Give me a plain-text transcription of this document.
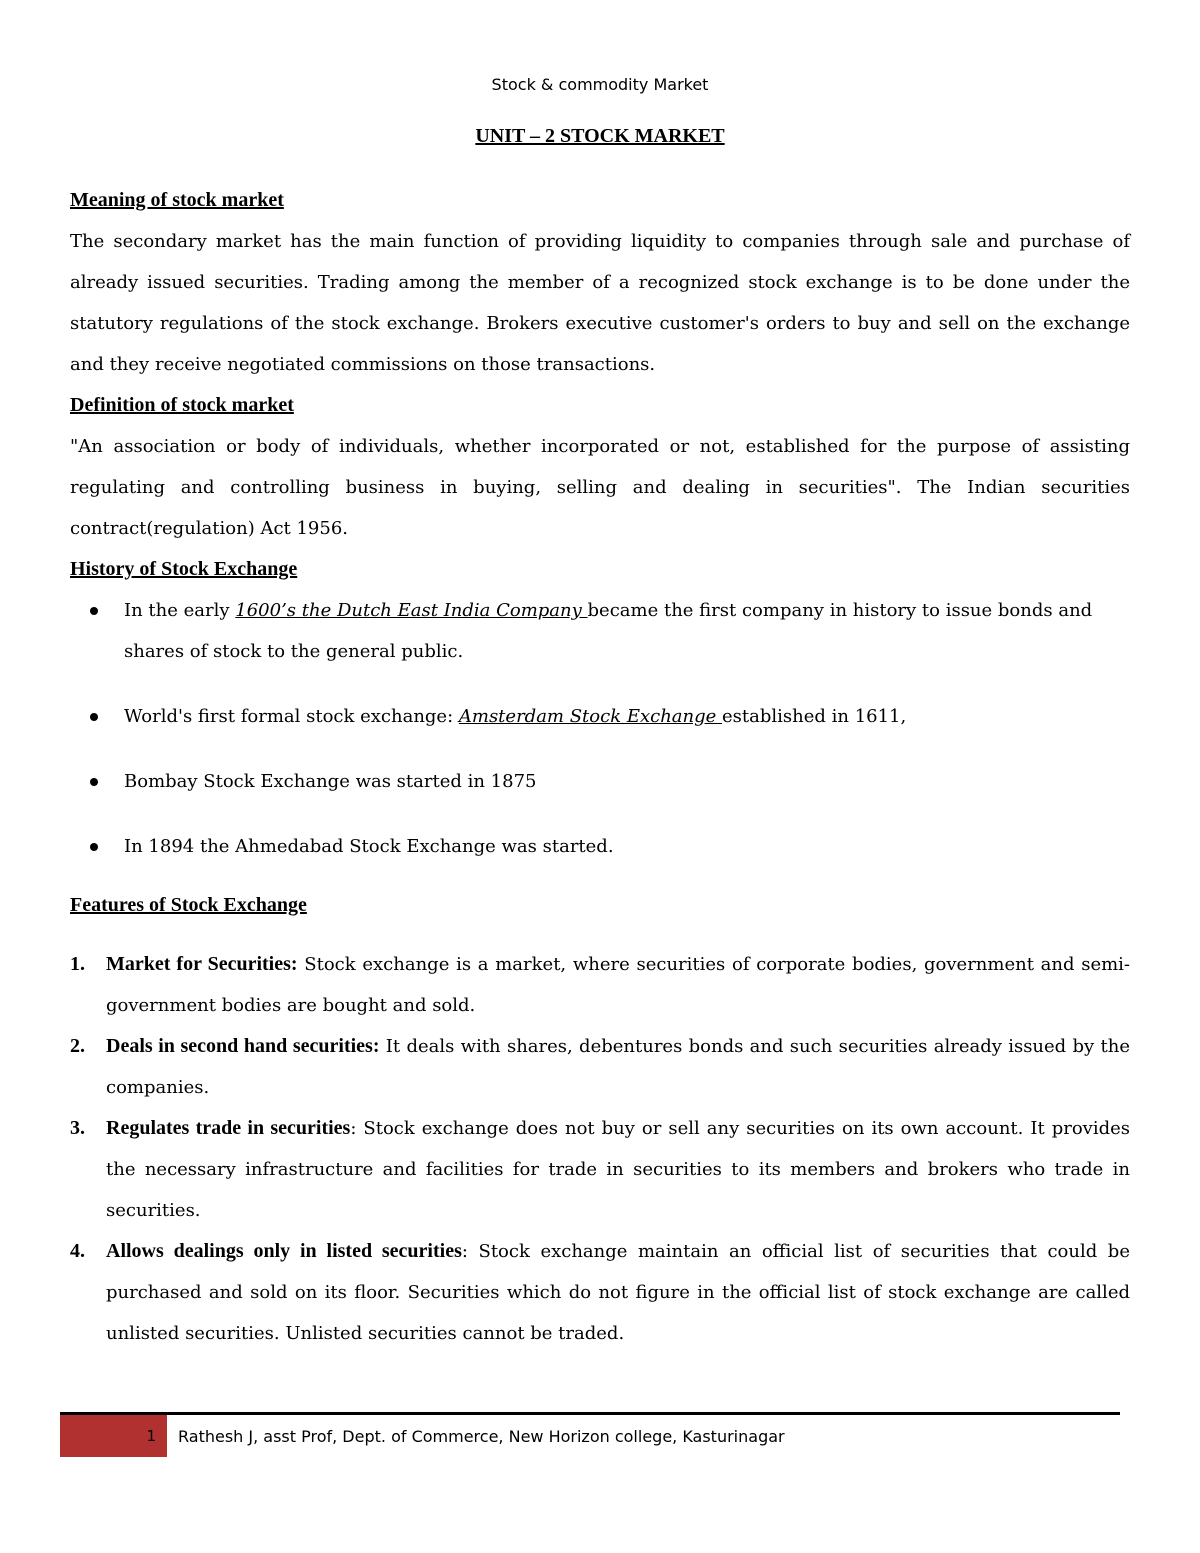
Stock & commodity Market
UNIT – 2 STOCK MARKET
Meaning of stock market

The secondary market has the main function of providing liquidity to companies through sale and purchase of already issued securities. Trading among the member of a recognized stock exchange is to be done under the statutory regulations of the stock exchange. Brokers executive customer's orders to buy and sell on the exchange and they receive negotiated commissions on those transactions.

Definition of stock market

"An association or body of individuals, whether incorporated or not, established for the purpose of assisting regulating and controlling business in buying, selling and dealing in securities". The Indian securities contract(regulation) Act 1956.

History of Stock Exchange
In the early 1600’s the Dutch East India Company became the first company in history to issue bonds and shares of stock to the general public.
World's first formal stock exchange: Amsterdam Stock Exchange established in 1611,
Bombay Stock Exchange was started in 1875
In 1894 the Ahmedabad Stock Exchange was started.
Features of Stock Exchange
1. Market for Securities: Stock exchange is a market, where securities of corporate bodies, government and semi-government bodies are bought and sold.
2. Deals in second hand securities: It deals with shares, debentures bonds and such securities already issued by the companies.
3. Regulates trade in securities: Stock exchange does not buy or sell any securities on its own account. It provides the necessary infrastructure and facilities for trade in securities to its members and brokers who trade in securities.
4. Allows dealings only in listed securities: Stock exchange maintain an official list of securities that could be purchased and sold on its floor. Securities which do not figure in the official list of stock exchange are called unlisted securities. Unlisted securities cannot be traded.
1 Rathesh J, asst Prof, Dept. of Commerce, New Horizon college, Kasturinagar
